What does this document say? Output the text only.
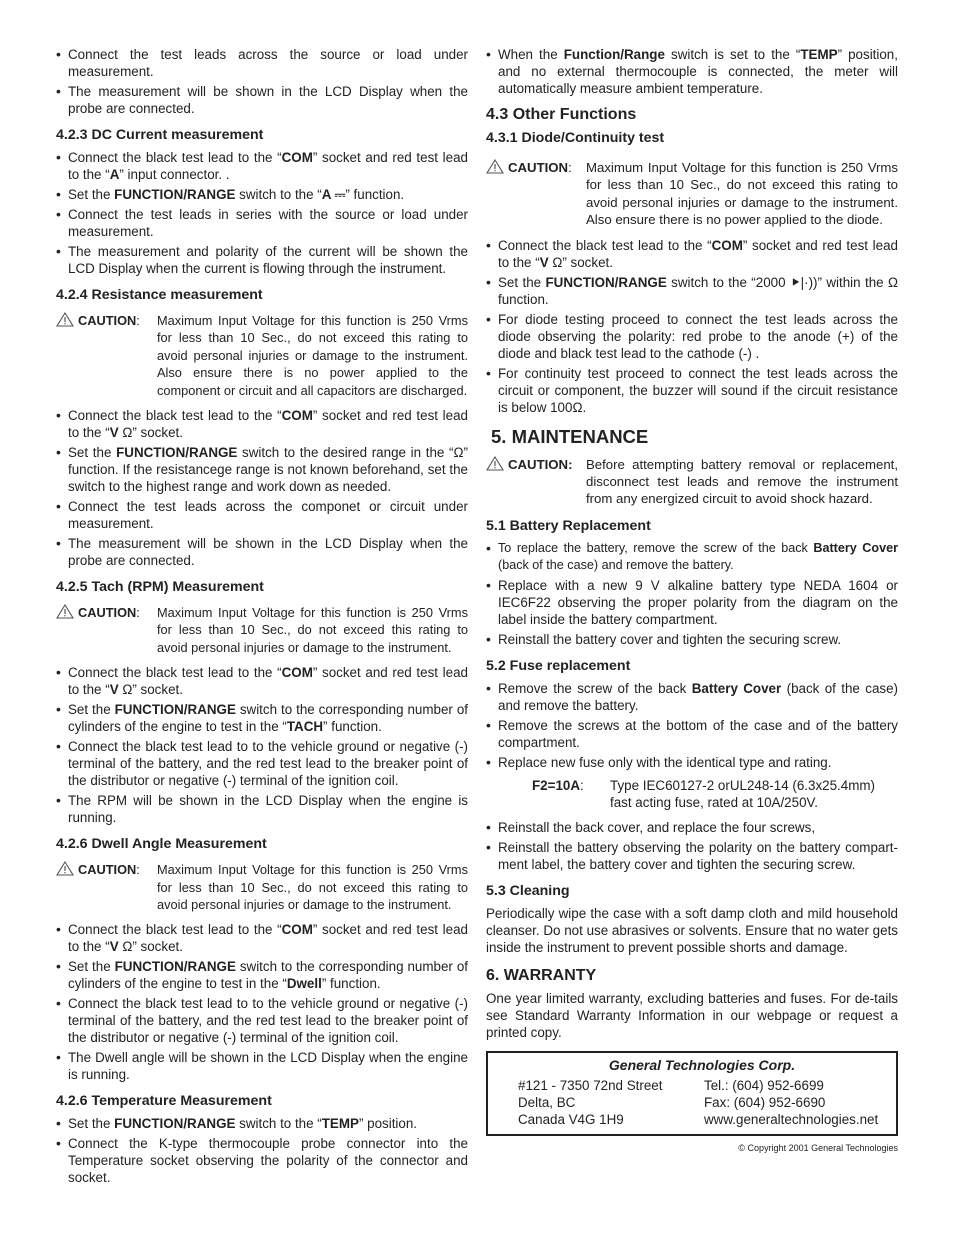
• Connect the test leads across the source or load under measurement.

• The measurement will be shown in the LCD Display when the probe are connected.

4.2.3 DC Current measurement

• Connect the black test lead to the “COM” socket and red test lead to the “A” input connector. .

• Set the FUNCTION/RANGE switch to the “A ⎓” function.

• Connect the test leads in series with the source or load under measurement.

• The measurement and polarity of the current will be shown the LCD Display when the current is flowing through the instrument.

4.2.4 Resistance measurement
CAUTION: Maximum Input Voltage for this function is 250 Vrms for less than 10 Sec., do not exceed this rating to avoid personal injuries or damage to the instrument. Also ensure there is no power applied to the component or circuit and all capacitors are discharged.

• Connect the black test lead to the “COM” socket and red test lead to the “V Ω” socket.

• Set the FUNCTION/RANGE switch to the desired range in the “Ω” function. If the resistancege range is not known beforehand, set the switch to the highest range and work down as needed.

• Connect the test leads across the componet or circuit under measurement.

• The measurement will be shown in the LCD Display when the probe are connected.

4.2.5 Tach (RPM) Measurement
CAUTION: Maximum Input Voltage for this function is 250 Vrms for less than 10 Sec., do not exceed this rating to avoid personal injuries or damage to the instrument.

• Connect the black test lead to the “COM” socket and red test lead to the “V Ω” socket.

• Set the FUNCTION/RANGE switch to the corresponding number of cylinders of the engine to test in the “TACH” function.

• Connect the black test lead to to the vehicle ground or negative (-) terminal of the battery, and the red test lead to the breaker point of the distributor or negative (-) terminal of the ignition coil.

• The RPM will be shown in the LCD Display when the engine is running.

4.2.6 Dwell Angle Measurement
CAUTION: Maximum Input Voltage for this function is 250 Vrms for less than 10 Sec., do not exceed this rating to avoid personal injuries or damage to the instrument.

• Connect the black test lead to the “COM” socket and red test lead to the “V Ω” socket.

• Set the FUNCTION/RANGE switch to the corresponding number of cylinders of the engine to test in the “Dwell” function.

• Connect the black test lead to to the vehicle ground or negative (-) terminal of the battery, and the red test lead to the breaker point of the distributor or negative (-) terminal of the ignition coil.

• The Dwell angle will be shown in the LCD Display when the engine is running.

4.2.6 Temperature Measurement

• Set the FUNCTION/RANGE switch to the “TEMP” position.

• Connect the K-type thermocouple probe connector into the Temperature socket observing the polarity of the connector and socket.

• When the Function/Range switch is set to the “TEMP” position, and no external thermocouple is connected, the meter will automatically measure ambient temperature.

4.3 Other Functions
4.3.1 Diode/Continuity test
CAUTION: Maximum Input Voltage for this function is 250 Vrms for less than 10 Sec., do not exceed this rating to avoid personal injuries or damage to the instrument. Also ensure there is no power applied to the diode.

• Connect the black test lead to the “COM” socket and red test lead to the “V Ω” socket.

• Set the FUNCTION/RANGE switch to the “2000 ⯈|·))” within the Ω function.

• For diode testing proceed to connect the test leads across the diode observing the polarity: red probe to the anode (+) of the diode and black test lead to the cathode (-) .

• For continuity test proceed to connect the test leads across the circuit or component, the buzzer will sound if the circuit resistance is below 100Ω.

5. MAINTENANCE
CAUTION: Before attempting battery removal or replacement, disconnect test leads and remove the instrument from any energized circuit to avoid shock hazard.
5.1 Battery Replacement

• To replace the battery, remove the screw of the back Battery Cover (back of the case) and remove the battery.

• Replace with a new 9 V alkaline battery type NEDA 1604 or IEC6F22 observing the proper polarity from the diagram on the label inside the battery compartment.

• Reinstall the battery cover and tighten the securing screw.

5.2 Fuse replacement

• Remove the screw of the back Battery Cover (back of the case) and remove the battery.

• Remove the screws at the bottom of the case and of the battery compartment.

• Replace new fuse only with the identical type and rating.

F2=10A: Type IEC60127-2 orUL248-14 (6.3x25.4mm) fast acting fuse, rated at 10A/250V.

• Reinstall the back cover, and replace the four screws,

• Reinstall the battery observing the polarity on the battery compart-ment label, the battery cover and tighten the securing screw.

5.3 Cleaning

Periodically wipe the case with a soft damp cloth and mild household cleanser. Do not use abrasives or solvents. Ensure that no water gets inside the instrument to prevent possible shorts and damage.

6. WARRANTY

One year limited warranty, excluding batteries and fuses. For de-tails see Standard Warranty Information in our webpage or request a printed copy.

General Technologies Corp.
#121 - 7350 72nd Street	Tel.: (604) 952-6699
Delta, BC	Fax: (604) 952-6690
Canada V4G 1H9	www.generaltechnologies.net
© Copyright 2001 General Technologies
